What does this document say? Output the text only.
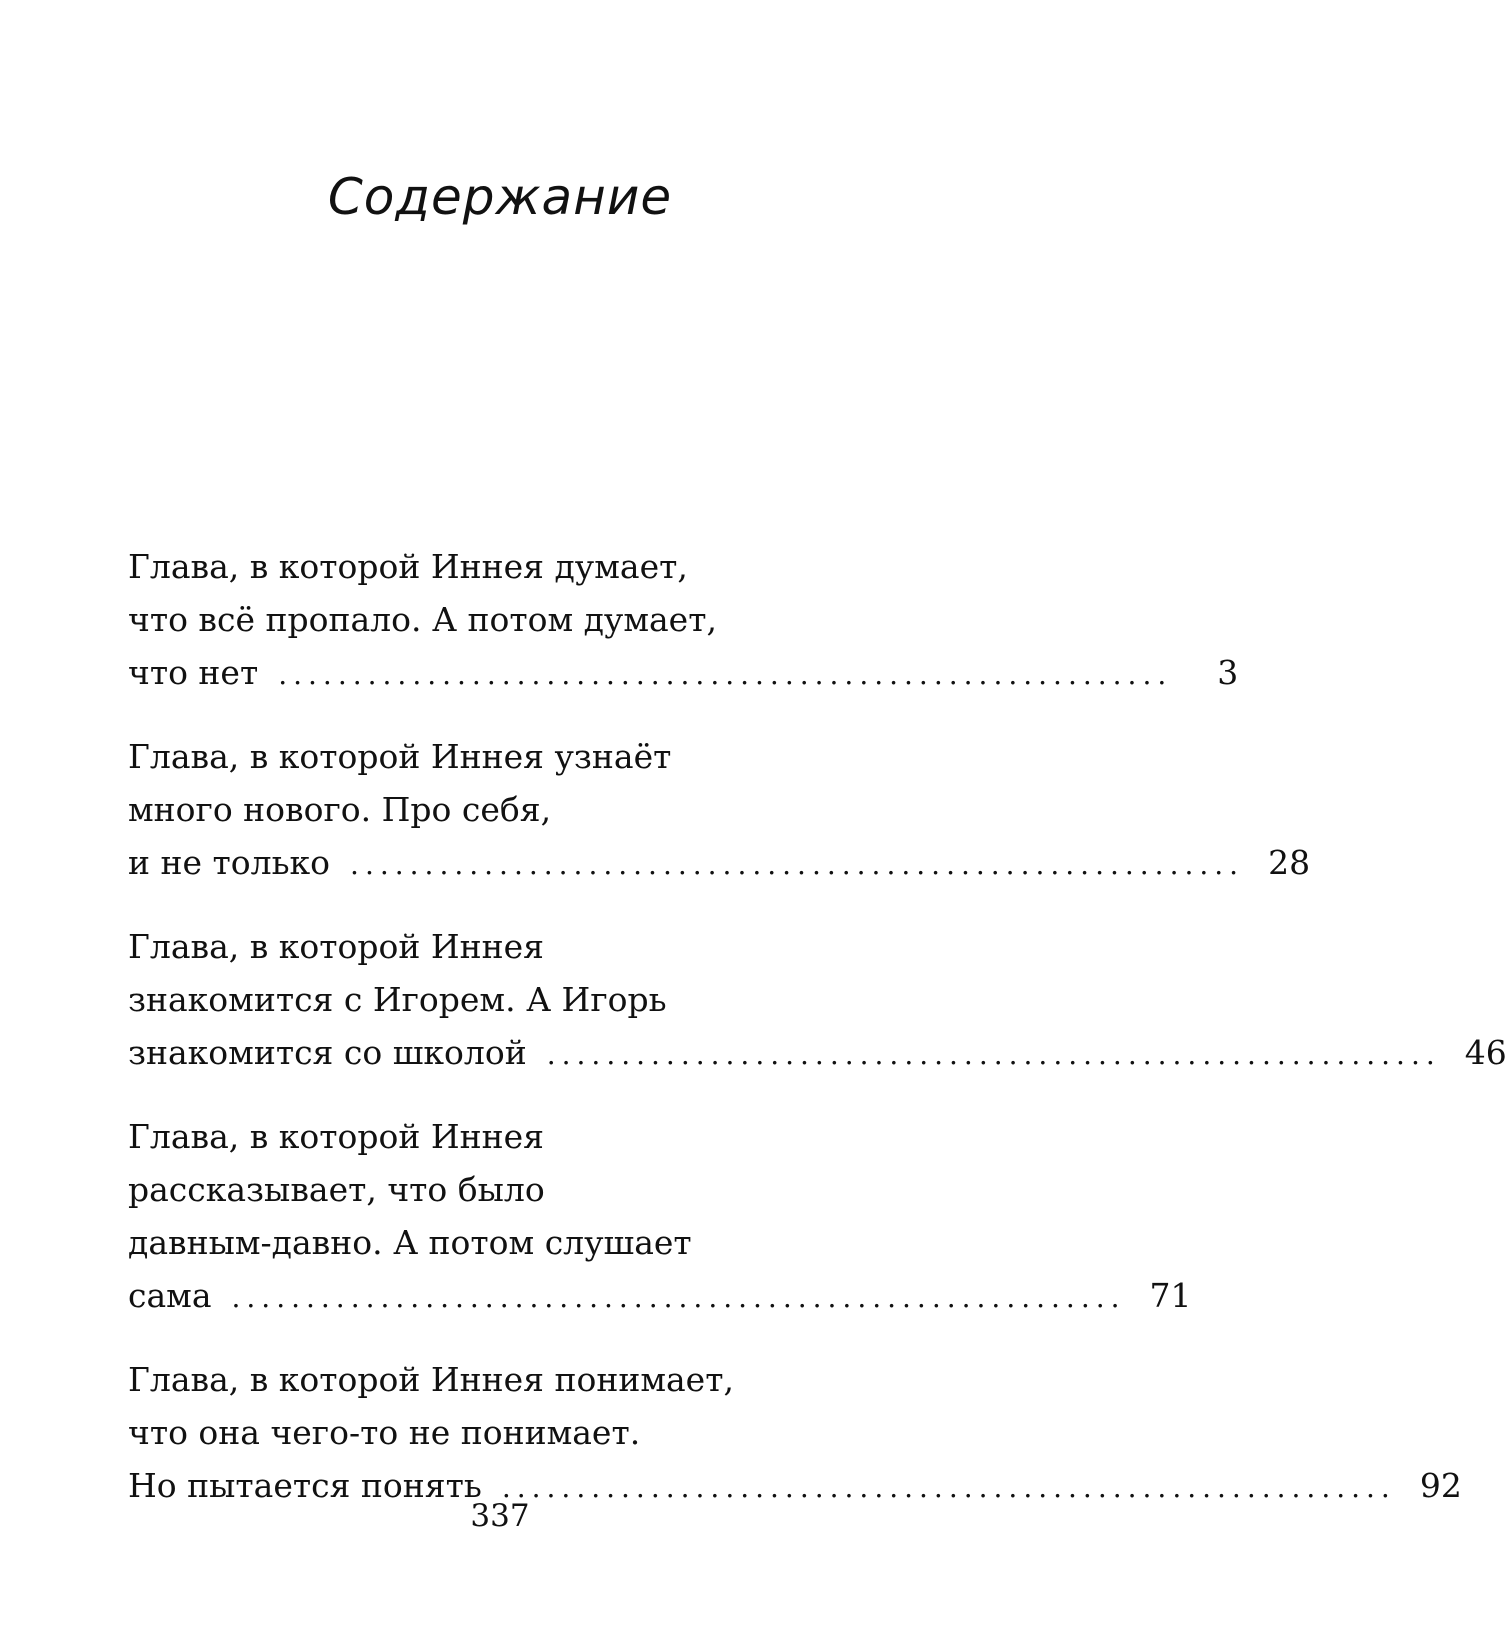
Содержание
Глава, в которой Иннея думает,
что всё пропало. А потом думает,
что нет ............................................................	3
Глава, в которой Иннея узнаёт
много нового. Про себя,
и не только ............................................................ 28
Глава, в которой Иннея
знакомится с Игорем. А Игорь
знакомится со школой ............................................................ 46
Глава, в которой Иннея
рассказывает, что было
давным-давно. А потом слушает
сама ............................................................ 71
Глава, в которой Иннея понимает,
что она чего-то не понимает.
Но пытается понять ............................................................ 92
337
